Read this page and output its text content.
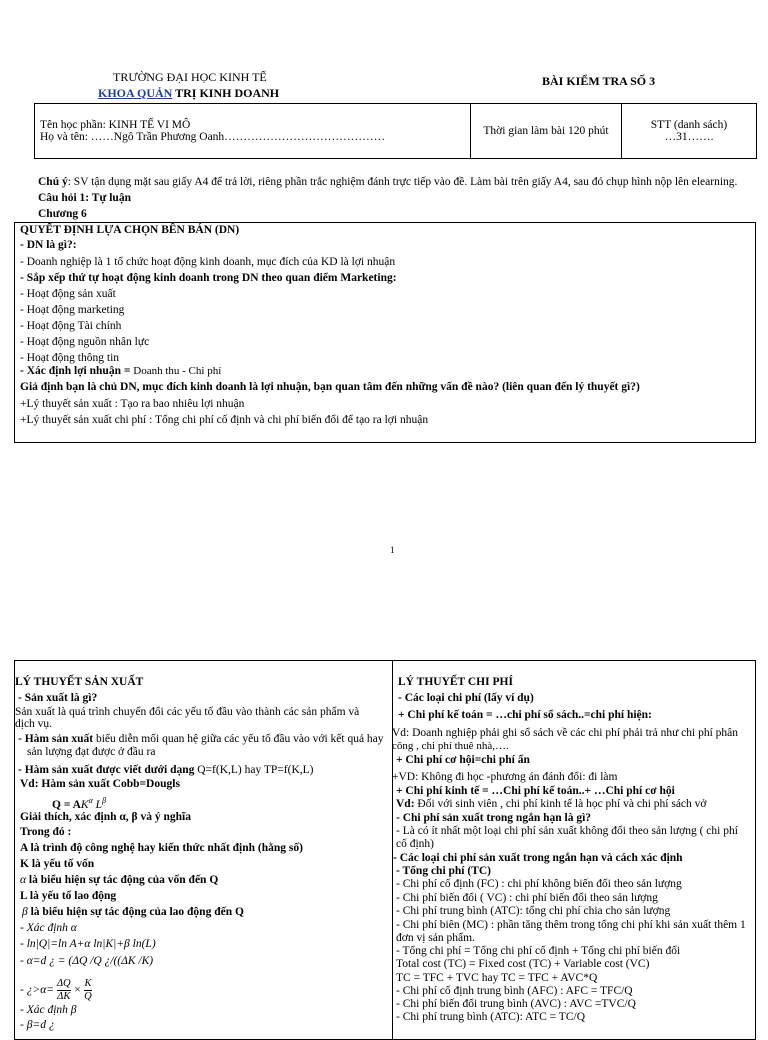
TRƯỜNG ĐẠI HỌC KINH TẾ
KHOA QUẢN TRỊ KINH DOANH
BÀI KIỂM TRA SỐ 3
Tên học phần: KINH TẾ VI MÔ
Họ và tên: ……Ngô Trần Phương Oanh……………………………………	Thời gian làm bài 120 phút	STT (danh sách)
…31…….
Chú ý: SV tận dụng mặt sau giấy A4 để trả lời, riêng phần trắc nghiệm đánh trực tiếp vào đề. Làm bài trên giấy A4, sau đó chụp hình nộp lên elearning.
Câu hỏi 1: Tự luận
Chương 6
QUYẾT ĐỊNH LỰA CHỌN BÊN BÁN (DN)
- DN là gì?:
- Doanh nghiệp là 1 tổ chức hoạt động kinh doanh, mục đích của KD là lợi nhuận
- Sắp xếp thứ tự hoạt động kinh doanh trong DN theo quan điểm Marketing:
- Hoạt động sản xuất
- Hoạt động marketing
- Hoạt động Tài chính
- Hoạt động nguồn nhân lực
- Hoạt động thông tin
- Xác định lợi nhuận = Doanh thu - Chi phí
Giả định bạn là chủ DN, mục đích kinh doanh là lợi nhuận, bạn quan tâm đến những vấn đề nào? (liên quan đến lý thuyết gì?)
+Lý thuyết sản xuất : Tạo ra bao nhiêu lợi nhuận
+Lý thuyết sản xuất chi phí : Tổng chi phí cố định và chi phí biến đổi để tạo ra lợi nhuận
1
LÝ THUYẾT SẢN XUẤT
- Sản xuất là gì?
Sản xuất là quá trình chuyển đổi các yếu tố đầu vào thành các sản phẩm và
dịch vụ.
- Hàm sản xuất biểu diễn mối quan hệ giữa các yếu tố đầu vào với kết quả hay
sản lượng đạt được ở đầu ra
- Hàm sản xuất được viết dưới dạng Q=f(K,L) hay TP=f(K,L)
Vd: Hàm sản xuất Cobb=Dougls
$Q = AK^\alpha$ $L^\beta$
Giải thích, xác định α, β và ý nghĩa
Trong đó :
A là trình độ công nghệ hay kiến thức nhất định (hằng số)
K là yếu tố vốn
α là biểu hiện sự tác động của vốn đến Q
L là yếu tố lao động
β là biểu hiện sự tác động của lao động đến Q
- Xác định α
- ln|Q|=ln A+α ln|K|+β ln(L)
- α=d ¿ = (ΔQ /Q ¿/((ΔK /K)
- ¿$>\alpha= \frac{\Delta Q}{\Delta K} \times \frac{K}{Q}$
- Xác định β
- β=d ¿
LÝ THUYẾT CHI PHÍ
- Các loại chi phí (lấy ví dụ)
+ Chi phí kế toán = …chi phí sổ sách..=chi phí hiện:
Vd: Doanh nghiệp phải ghi sổ sách về các chi phí phải trả như chi phí phân
công , chi phí thuê nhà,….
+ Chi phí cơ hội=chi phí ẩn
+VD: Không đi học -phương án đánh đổi: đi làm
+ Chi phí kinh tế = …Chi phí kế toán..+ …Chi phí cơ hội
Vd: Đối với sinh viên , chi phí kinh tế là học phí và chi phí sách vở
- Chi phí sản xuất trong ngắn hạn là gì?
- Là có ít nhất một loại chi phí sản xuất không đổi theo sản lượng ( chi phí
cố định)
- Các loại chi phí sản xuất trong ngắn hạn và cách xác định
- Tổng chi phí (TC)
- Chi phí cố định (FC) : chi phí không biến đổi theo sản lượng
- Chi phí biến đổi ( VC) : chi phí biến đổi theo sản lượng
- Chi phí trung bình (ATC): tổng chi phí chia cho sản lượng
- Chi phí biên (MC) : phần tăng thêm trong tổng chi phí khi sản xuất thêm 1
đơn vị sản phẩm.
- Tổng chi phí = Tổng chi phí cố định + Tổng chi phí biến đổi
Total cost (TC) = Fixed cost (TC) + Variable cost (VC)
TC = TFC + TVC hay TC = TFC + AVC*Q
- Chi phí cố định trung bình (AFC) : AFC = TFC/Q
- Chi phí biến đổi trung bình (AVC) : AVC =TVC/Q
- Chi phí trung bình (ATC): ATC = TC/Q
